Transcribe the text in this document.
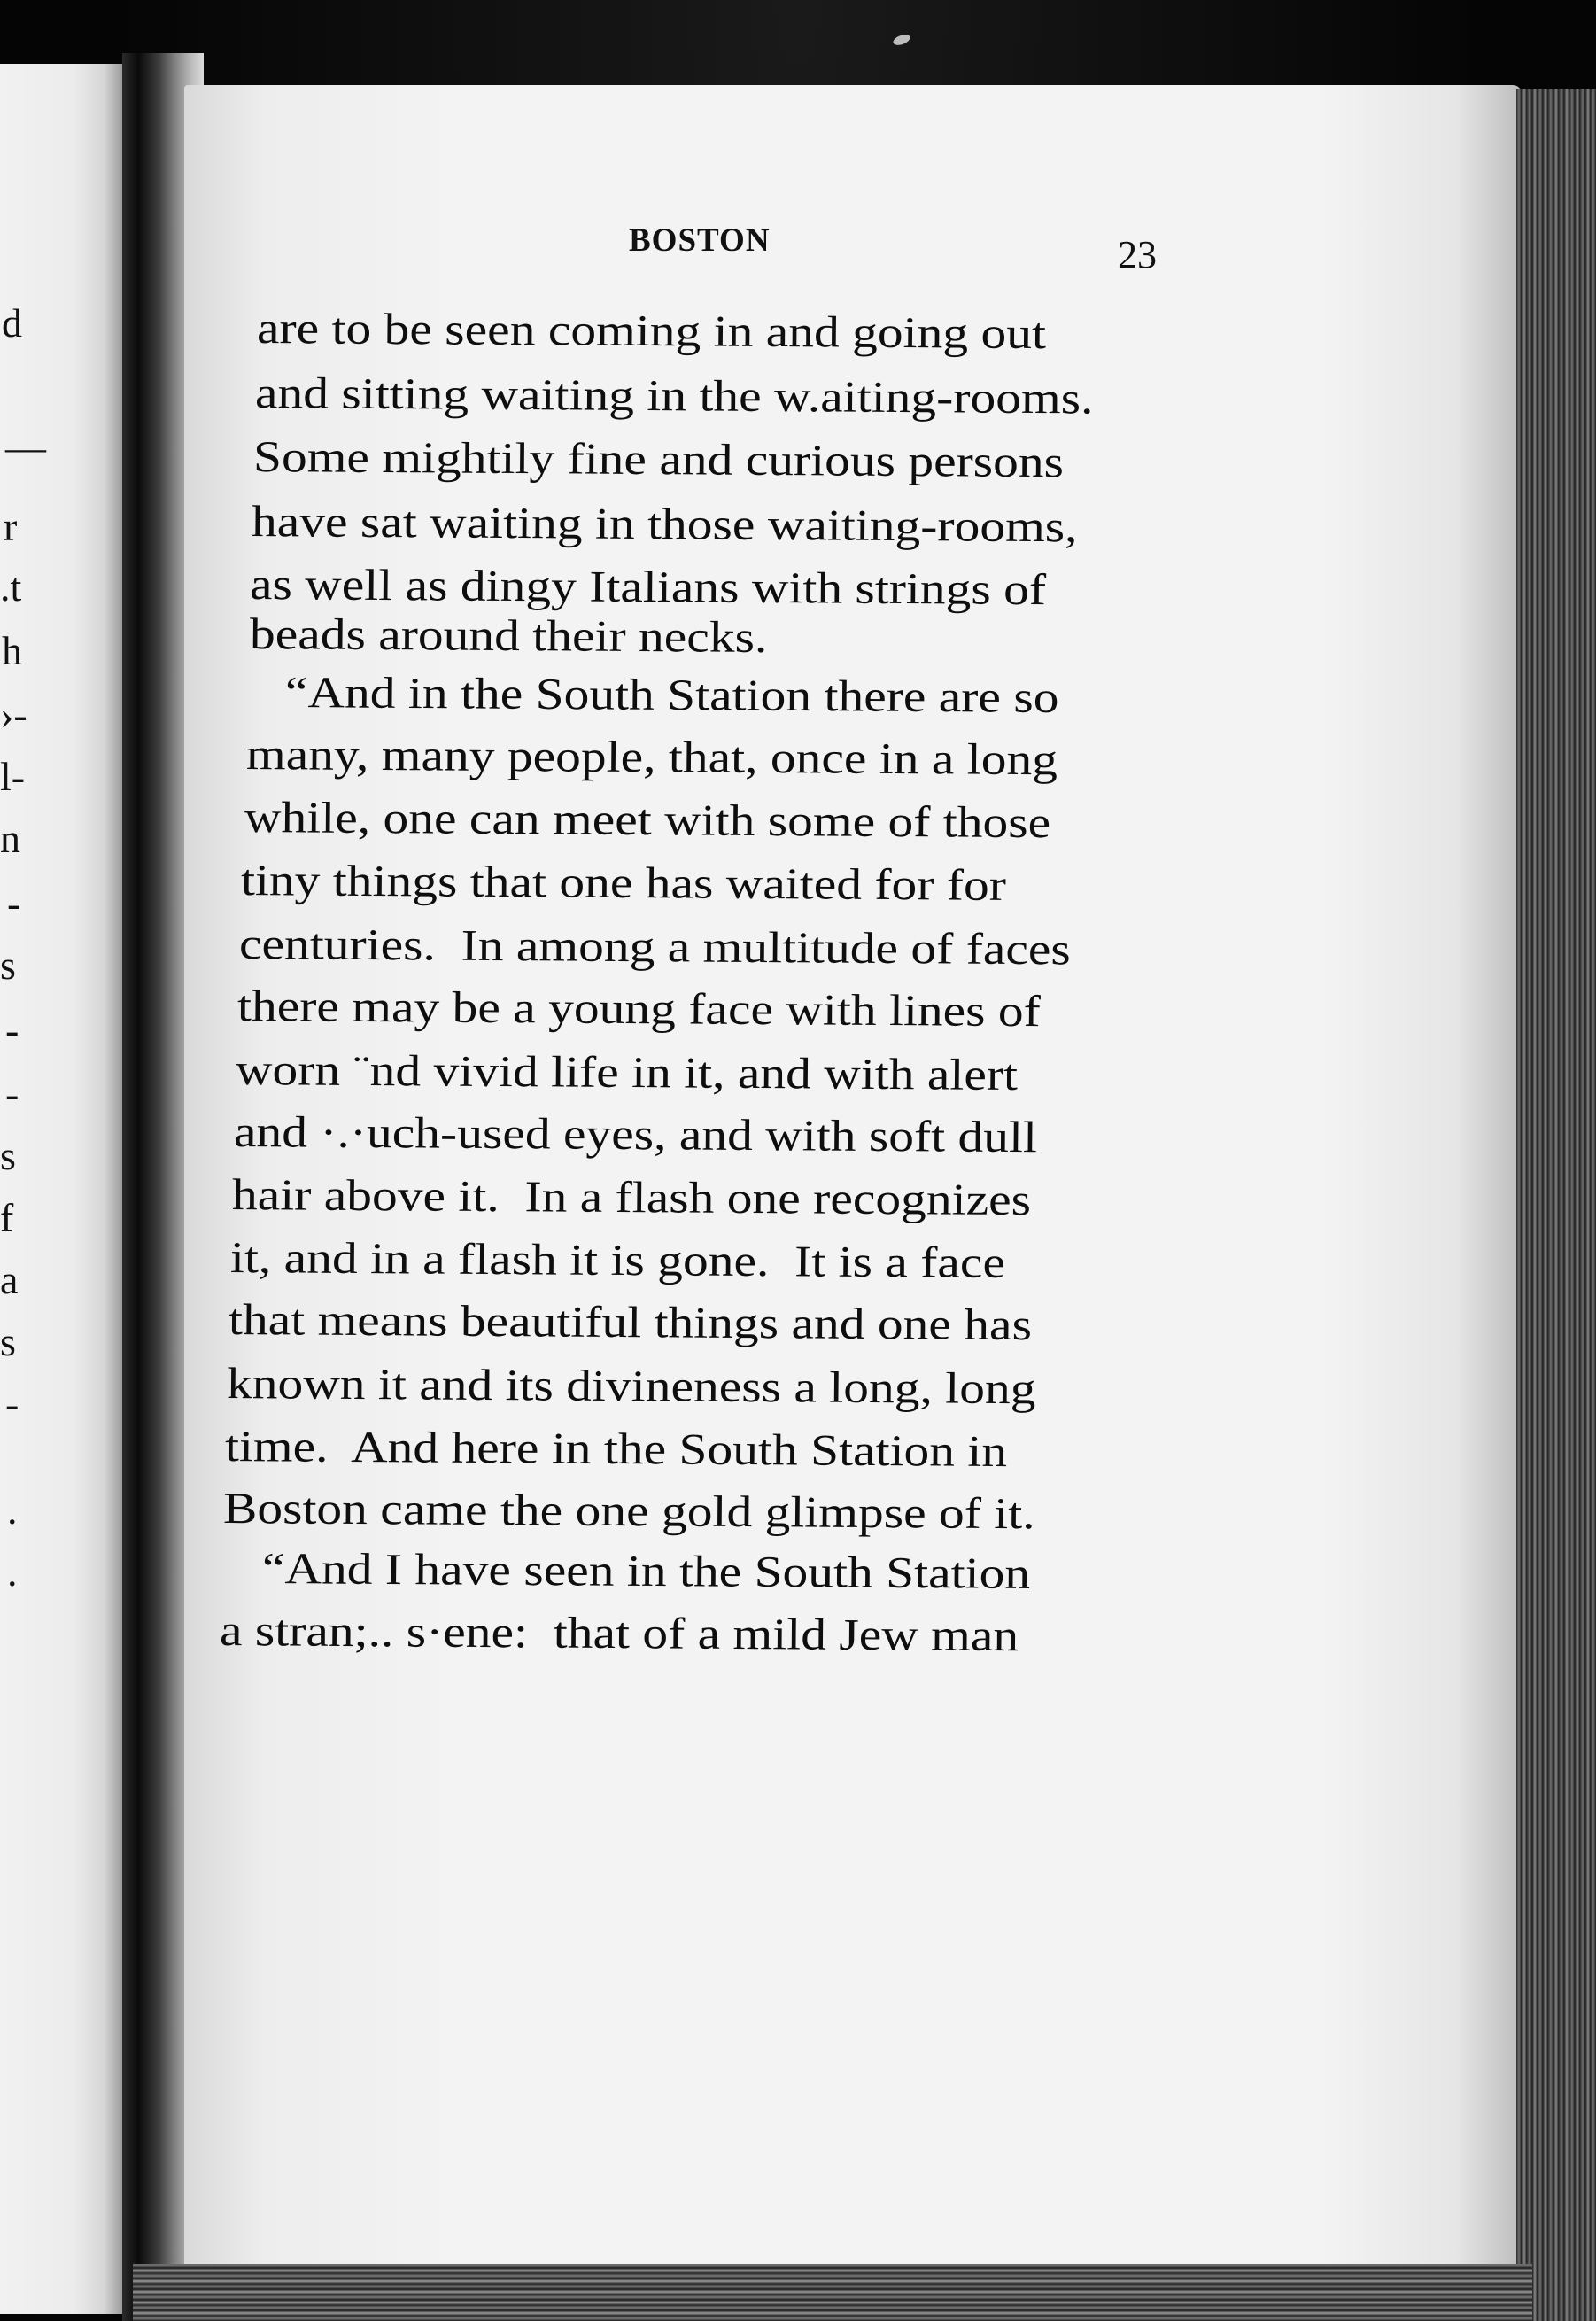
d
—
r
.t
h
›-
l-
n
-
s
-
-
s
f
a
s
-
.
.
BOSTON	23
are to be seen coming in and going out
and sitting waiting in the w.aiting-rooms.
Some mightily fine and curious persons
have sat waiting in those waiting-rooms,
as well as dingy Italians with strings of
beads around their necks.
“And in the South Station there are so
many, many people, that, once in a long
while, one can meet with some of those
tiny things that one has waited for for
centuries.  In among a multitude of faces
there may be a young face with lines of
worn ¨nd vivid life in it, and with alert
and ·.·uch-used eyes, and with soft dull
hair above it.  In a flash one recognizes
it, and in a flash it is gone.  It is a face
that means beautiful things and one has
known it and its divineness a long, long
time.  And here in the South Station in
Boston came the one gold glimpse of it.
“And I have seen in the South Station
a stran;.. s·ene:  that of a mild Jew man
